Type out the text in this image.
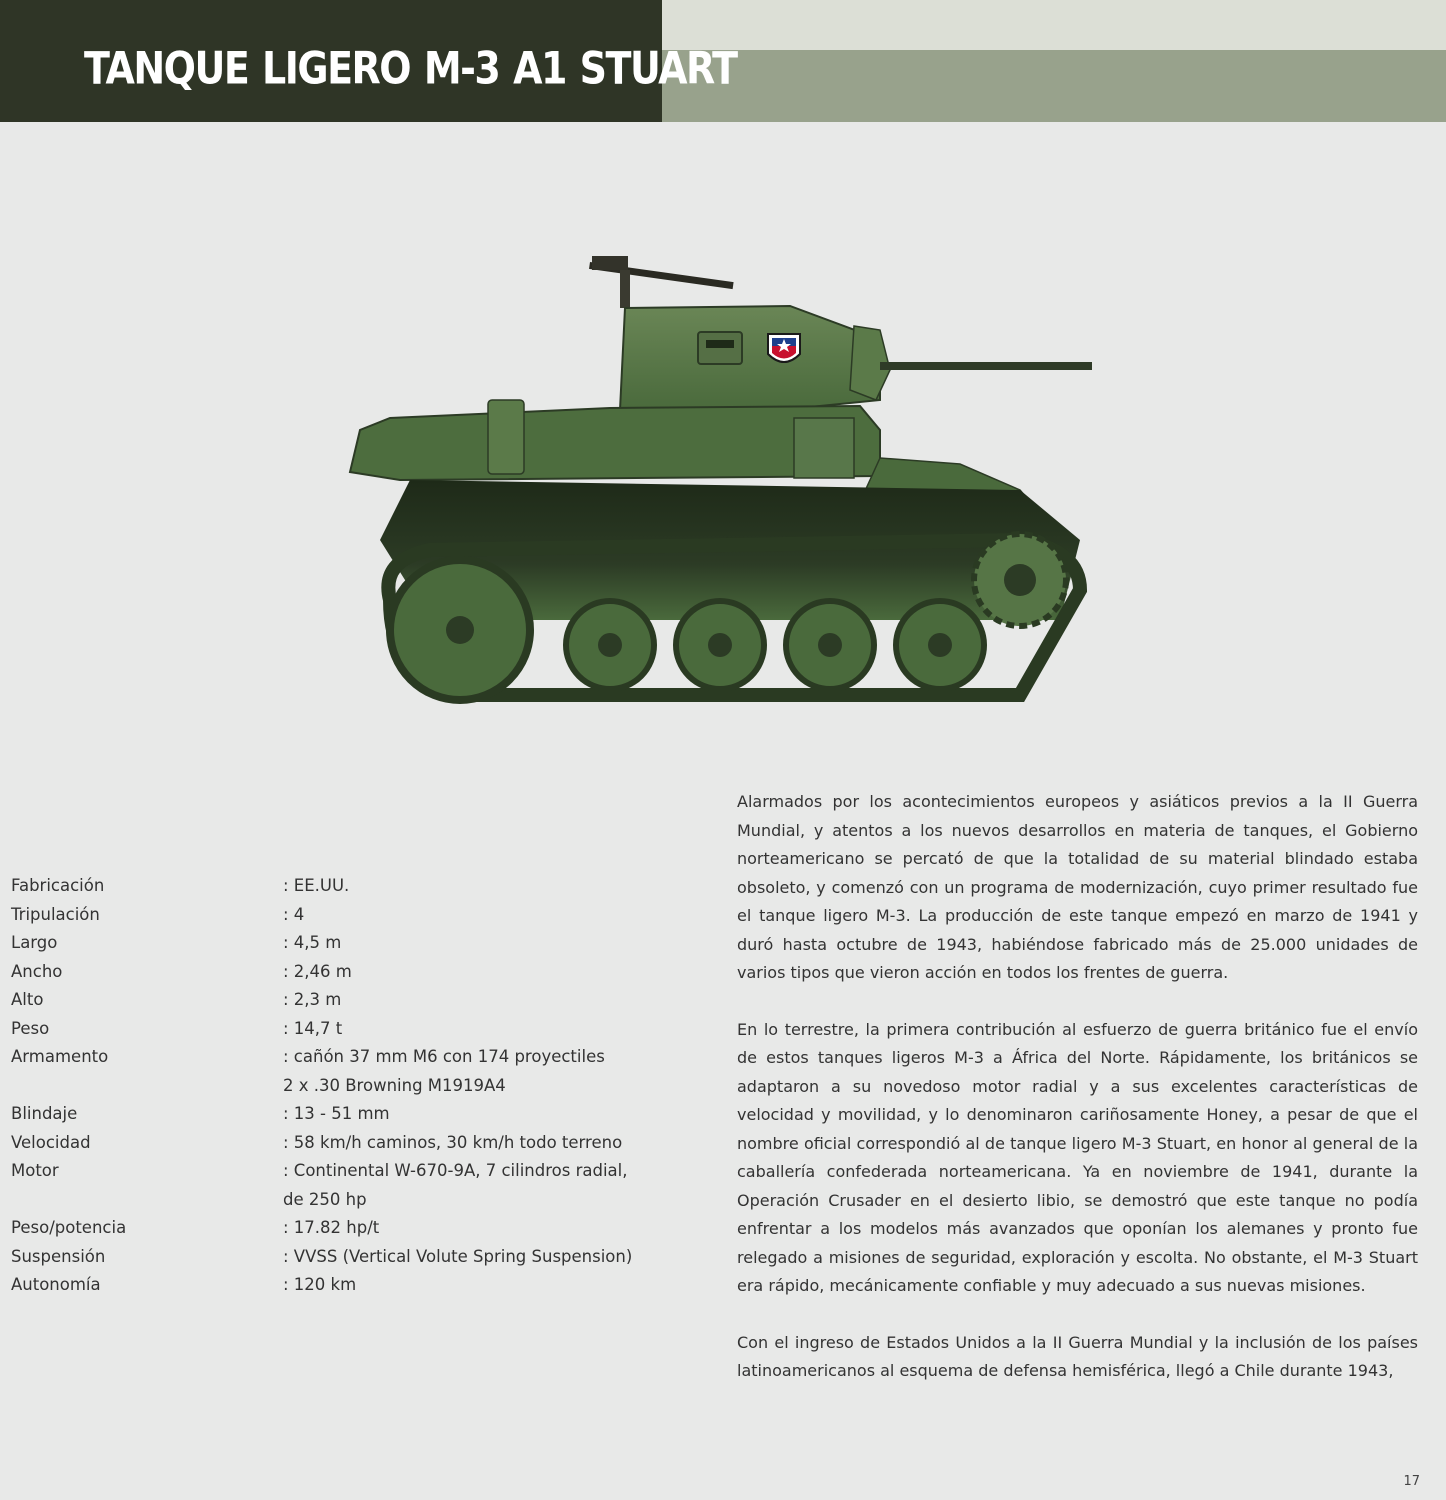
TANQUE LIGERO M-3 A1 STUART
Fabricación	: EE.UU.
Tripulación	: 4
Largo	: 4,5 m
Ancho	: 2,46 m
Alto	: 2,3 m
Peso	: 14,7 t
Armamento	: cañón 37 mm M6 con 174 proyectiles
2 x .30 Browning M1919A4
Blindaje	: 13 - 51 mm
Velocidad	: 58 km/h caminos, 30 km/h todo terreno
Motor	: Continental W-670-9A, 7 cilindros radial,
de 250 hp
Peso/potencia	: 17.82 hp/t
Suspensión	: VVSS (Vertical Volute Spring Suspension)
Autonomía	: 120 km

Alarmados por los acontecimientos europeos y asiáticos previos a la II Guerra Mundial, y atentos a los nuevos desarrollos en materia de tanques, el Gobierno norteamericano se percató de que la totalidad de su material blindado estaba obsoleto, y comenzó con un programa de modernización, cuyo primer resultado fue el tanque ligero M-3. La producción de este tanque empezó en marzo de 1941 y duró hasta octubre de 1943, habiéndose fabricado más de 25.000 unidades de varios tipos que vieron acción en todos los frentes de guerra.

En lo terrestre, la primera contribución al esfuerzo de guerra británico fue el envío de estos tanques ligeros M-3 a África del Norte. Rápidamente, los británicos se adaptaron a su novedoso motor radial y a sus excelentes características de velocidad y movilidad, y lo denominaron cariñosamente Honey, a pesar de que el nombre oficial correspondió al de tanque ligero M-3 Stuart, en honor al general de la caballería confederada norteamericana. Ya en noviembre de 1941, durante la Operación Crusader en el desierto libio, se demostró que este tanque no podía enfrentar a los modelos más avanzados que oponían los alemanes y pronto fue relegado a misiones de seguridad, exploración y escolta. No obstante, el M-3 Stuart era rápido, mecánicamente confiable y muy adecuado a sus nuevas misiones.

Con el ingreso de Estados Unidos a la II Guerra Mundial y la inclusión de los países latinoamericanos al esquema de defensa hemisférica, llegó a Chile durante 1943,

17
